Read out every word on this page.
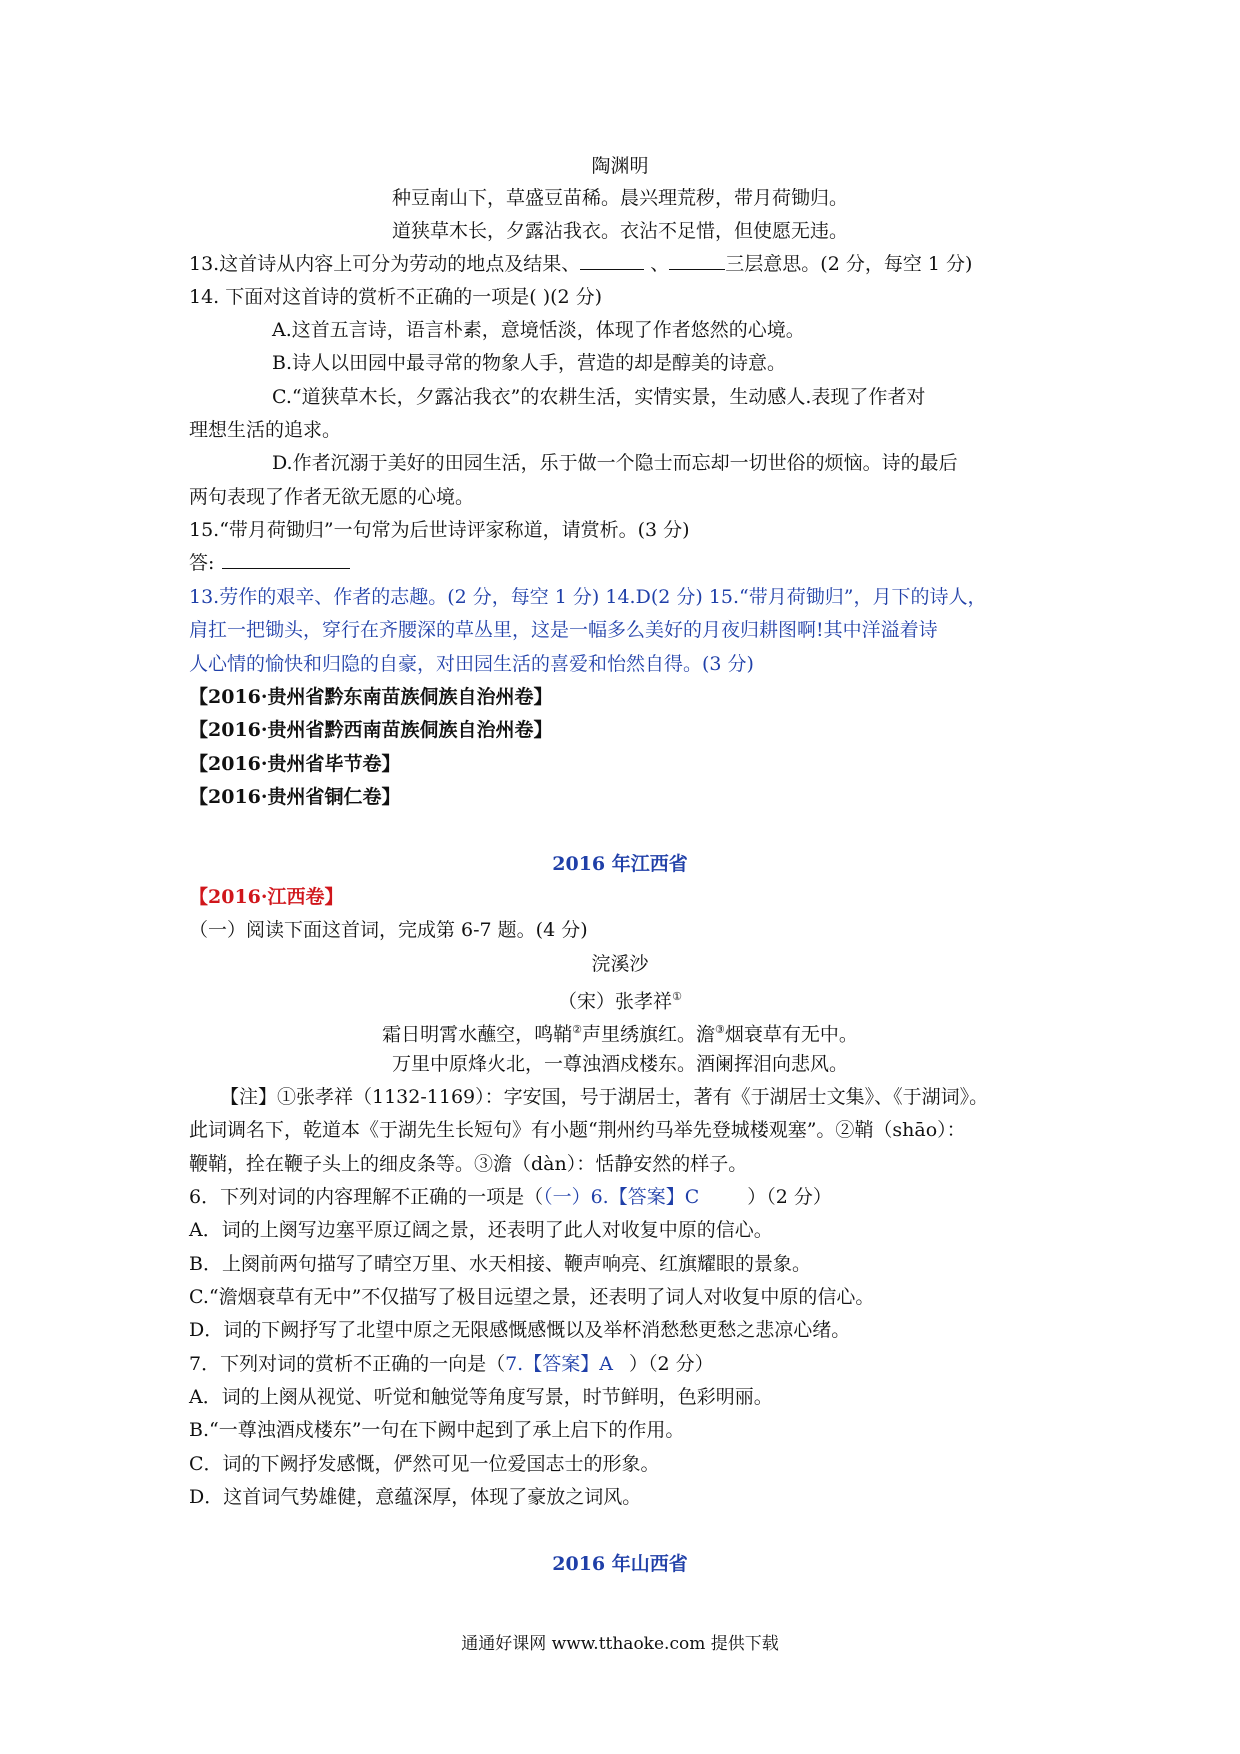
陶渊明
种豆南山下，草盛豆苗稀。晨兴理荒秽，带月荷锄归。
道狭草木长，夕露沾我衣。衣沾不足惜，但使愿无违。
13.这首诗从内容上可分为劳动的地点及结果、	、	三层意思。(2 分，每空 1 分)
14. 下面对这首诗的赏析不正确的一项是( )(2 分)
A.这首五言诗，语言朴素，意境恬淡，体现了作者悠然的心境。
B.诗人以田园中最寻常的物象人手，营造的却是醇美的诗意。
C.“道狭草木长，夕露沾我衣”的农耕生活，实情实景，生动感人.表现了作者对
理想生活的追求。
D.作者沉溺于美好的田园生活，乐于做一个隐士而忘却一切世俗的烦恼。诗的最后
两句表现了作者无欲无愿的心境。
15.“带月荷锄归”一句常为后世诗评家称道，请赏析。(3 分)
答:
13.劳作的艰辛、作者的志趣。(2 分，每空 1 分) 14.D(2 分) 15.“带月荷锄归”，月下的诗人，
肩扛一把锄头，穿行在齐腰深的草丛里，这是一幅多么美好的月夜归耕图啊!其中洋溢着诗
人心情的愉快和归隐的自豪，对田园生活的喜爱和怡然自得。(3 分)
【2016·贵州省黔东南苗族侗族自治州卷】
【2016·贵州省黔西南苗族侗族自治州卷】
【2016·贵州省毕节卷】
【2016·贵州省铜仁卷】
2016 年江西省
【2016·江西卷】
（一）阅读下面这首词，完成第 6-7 题。(4 分)
浣溪沙
（宋）张孝祥①
霜日明霄水蘸空，鸣鞘②声里绣旗红。澹③烟衰草有无中。
万里中原烽火北，一尊浊酒戍楼东。酒阑挥泪向悲风。
【注】①张孝祥（1132-1169）：字安国，号于湖居士，著有《于湖居士文集》、《于湖词》。
此词调名下，乾道本《于湖先生长短句》有小题“荆州约马举先登城楼观塞”。②鞘（shāo）：
鞭鞘，拴在鞭子头上的细皮条等。③澹（dàn）：恬静安然的样子。
6．下列对词的内容理解不正确的一项是（（一）6.【答案】C	）（2 分）
A．词的上阕写边塞平原辽阔之景，还表明了此人对收复中原的信心。
B．上阕前两句描写了晴空万里、水天相接、鞭声响亮、红旗耀眼的景象。
C.“澹烟衰草有无中”不仅描写了极目远望之景，还表明了词人对收复中原的信心。
D．词的下阙抒写了北望中原之无限感慨感慨以及举杯消愁愁更愁之悲凉心绪。
7．下列对词的赏析不正确的一向是（7.【答案】A ）（2 分）
A．词的上阕从视觉、听觉和触觉等角度写景，时节鲜明，色彩明丽。
B.“一尊浊酒戍楼东”一句在下阙中起到了承上启下的作用。
C．词的下阙抒发感慨，俨然可见一位爱国志士的形象。
D．这首词气势雄健，意蕴深厚，体现了豪放之词风。
2016 年山西省
通通好课网 www.tthaoke.com 提供下载
